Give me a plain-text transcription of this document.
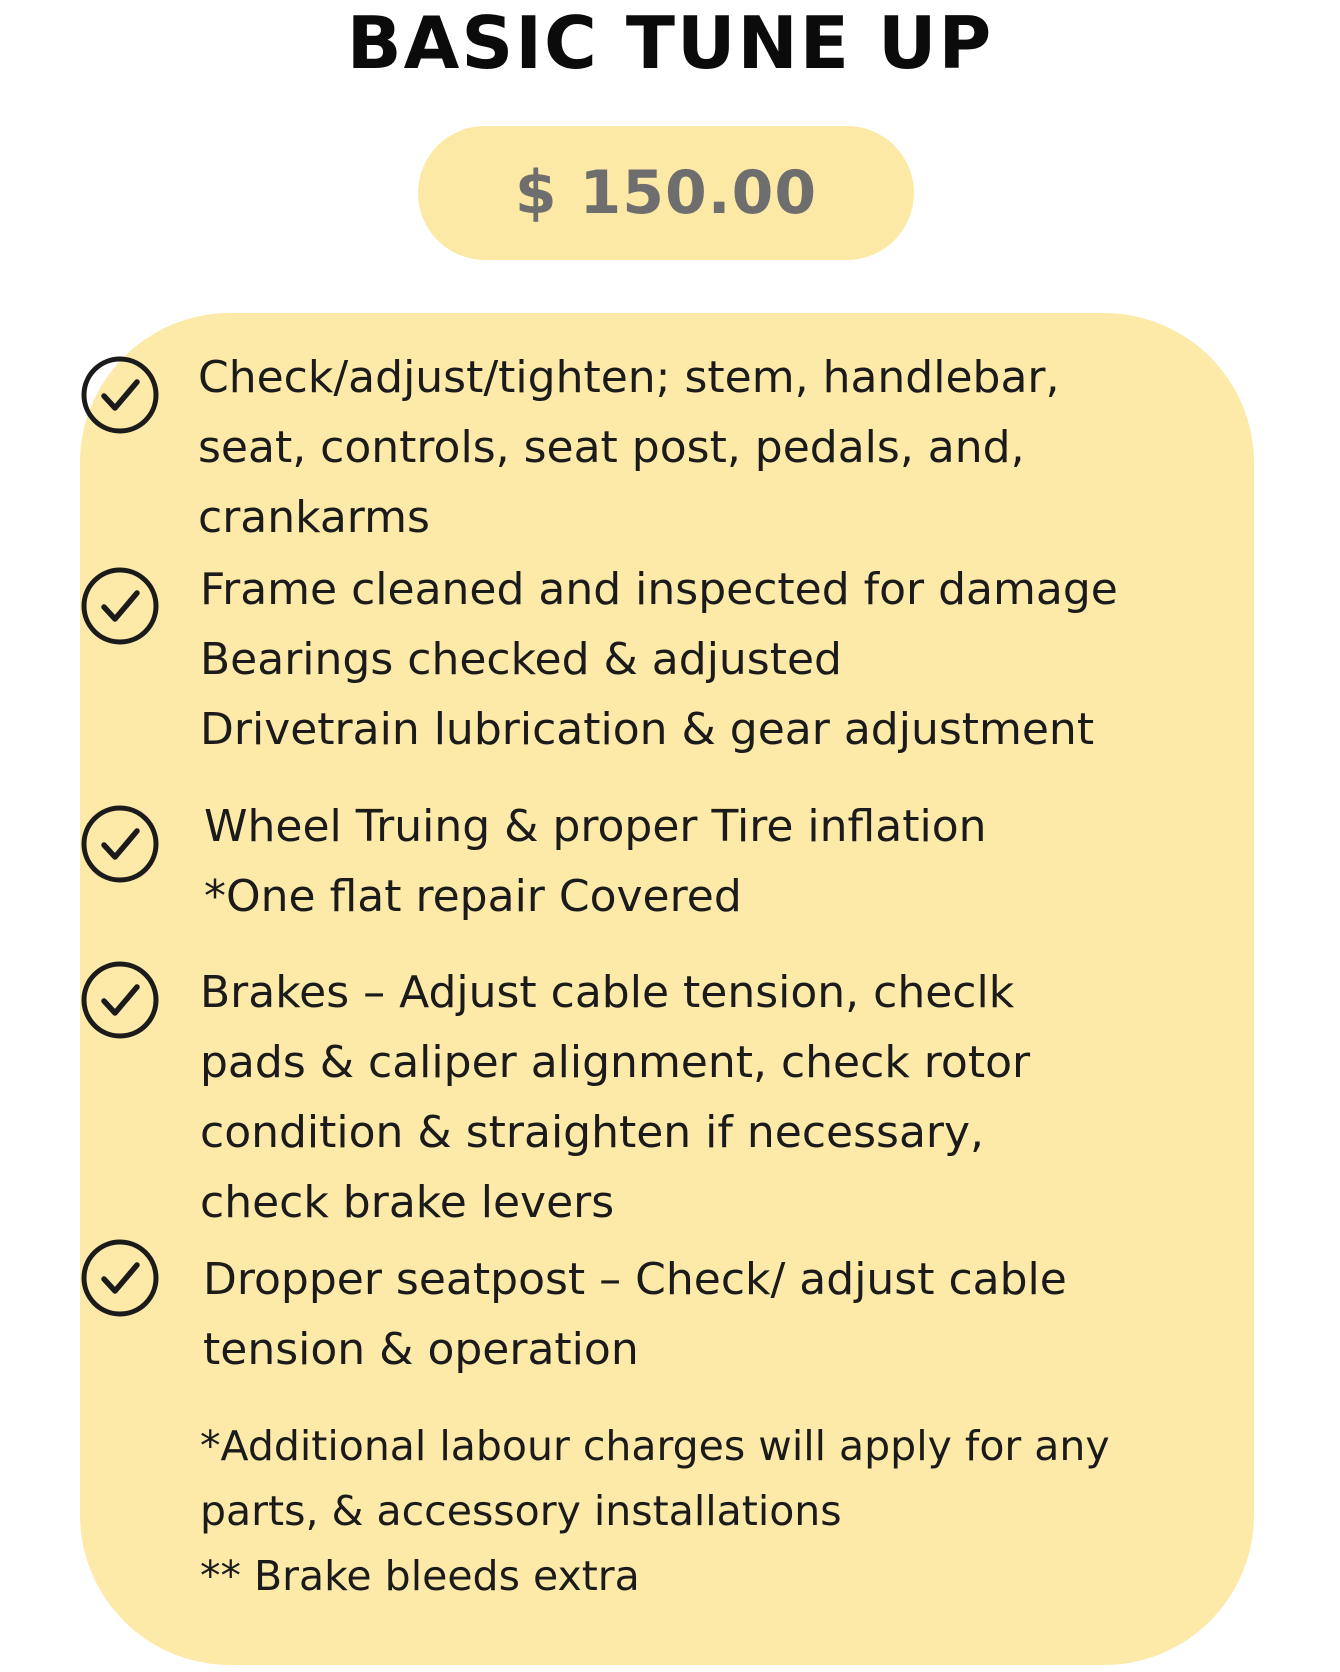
BASIC TUNE UP
$ 150.00
Check/adjust/tighten; stem, handlebar,
seat, controls, seat post, pedals, and,
crankarms
Frame cleaned and inspected for damage
Bearings checked & adjusted
Drivetrain lubrication & gear adjustment
Wheel Truing & proper Tire inflation
*One flat repair Covered
Brakes – Adjust cable tension, checlk
pads & caliper alignment, check rotor
condition & straighten if necessary,
check brake levers
Dropper seatpost – Check/ adjust cable
tension & operation
*Additional labour charges will apply for any
parts, & accessory installations
** Brake bleeds extra
